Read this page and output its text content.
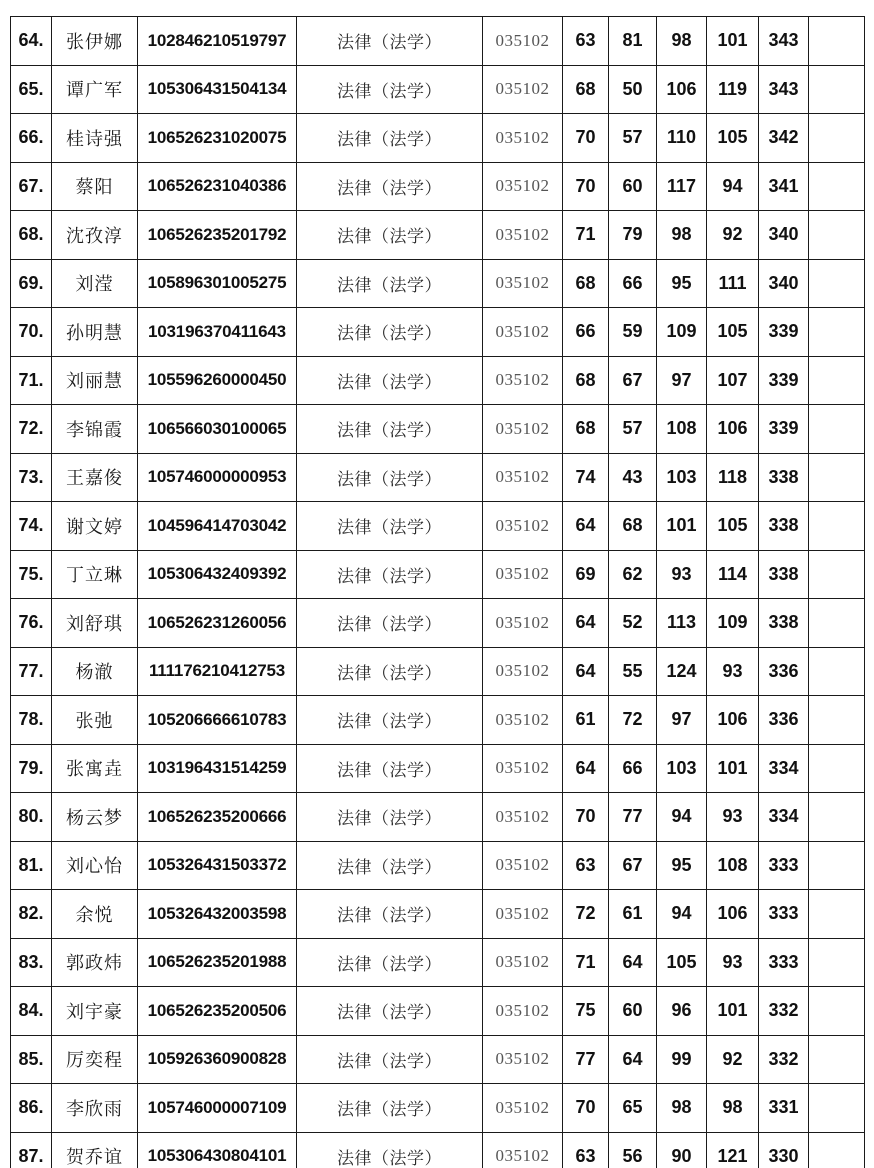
64.	张伊娜	102846210519797	法律（法学）	035102	63	81	98	101	343	
65.	谭广军	105306431504134	法律（法学）	035102	68	50	106	119	343	
66.	桂诗强	106526231020075	法律（法学）	035102	70	57	110	105	342	
67.	蔡阳	106526231040386	法律（法学）	035102	70	60	117	94	341	
68.	沈孜淳	106526235201792	法律（法学）	035102	71	79	98	92	340	
69.	刘滢	105896301005275	法律（法学）	035102	68	66	95	111	340	
70.	孙明慧	103196370411643	法律（法学）	035102	66	59	109	105	339	
71.	刘丽慧	105596260000450	法律（法学）	035102	68	67	97	107	339	
72.	李锦霞	106566030100065	法律（法学）	035102	68	57	108	106	339	
73.	王嘉俊	105746000000953	法律（法学）	035102	74	43	103	118	338	
74.	谢文婷	104596414703042	法律（法学）	035102	64	68	101	105	338	
75.	丁立琳	105306432409392	法律（法学）	035102	69	62	93	114	338	
76.	刘舒琪	106526231260056	法律（法学）	035102	64	52	113	109	338	
77.	杨澈	111176210412753	法律（法学）	035102	64	55	124	93	336	
78.	张弛	105206666610783	法律（法学）	035102	61	72	97	106	336	
79.	张寓垚	103196431514259	法律（法学）	035102	64	66	103	101	334	
80.	杨云梦	106526235200666	法律（法学）	035102	70	77	94	93	334	
81.	刘心怡	105326431503372	法律（法学）	035102	63	67	95	108	333	
82.	余悦	105326432003598	法律（法学）	035102	72	61	94	106	333	
83.	郭政炜	106526235201988	法律（法学）	035102	71	64	105	93	333	
84.	刘宇豪	106526235200506	法律（法学）	035102	75	60	96	101	332	
85.	厉奕程	105926360900828	法律（法学）	035102	77	64	99	92	332	
86.	李欣雨	105746000007109	法律（法学）	035102	70	65	98	98	331	
87.	贺乔谊	105306430804101	法律（法学）	035102	63	56	90	121	330	
